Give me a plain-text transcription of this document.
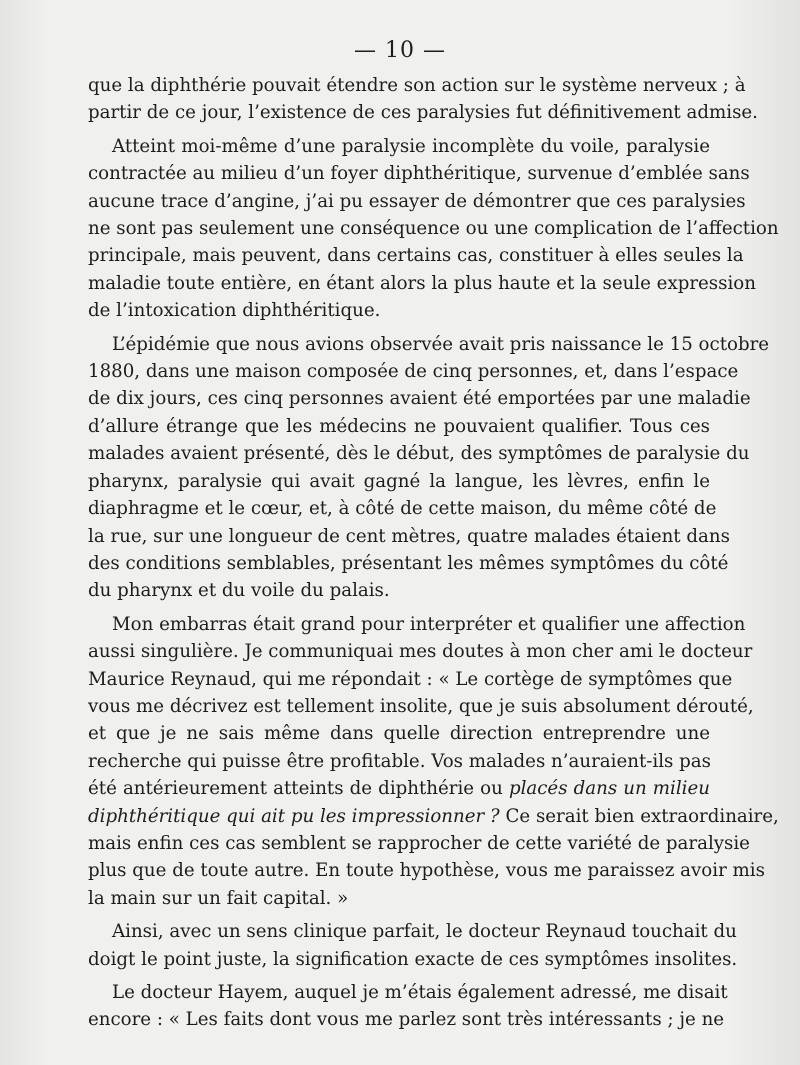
— 10 —

que la diphthérie pouvait étendre son action sur le système nerveux ; à
partir de ce jour, l’existence de ces paralysies fut définitivement admise.

Atteint moi-même d’une paralysie incomplète du voile, paralysie
contractée au milieu d’un foyer diphthéritique, survenue d’emblée sans
aucune trace d’angine, j’ai pu essayer de démontrer que ces paralysies
ne sont pas seulement une conséquence ou une complication de l’affection
principale, mais peuvent, dans certains cas, constituer à elles seules la
maladie toute entière, en étant alors la plus haute et la seule expression
de l’intoxication diphthéritique.

L’épidémie que nous avions observée avait pris naissance le 15 octobre
1880, dans une maison composée de cinq personnes, et, dans l’espace
de dix jours, ces cinq personnes avaient été emportées par une maladie
d’allure étrange que les médecins ne pouvaient qualifier. Tous ces
malades avaient présenté, dès le début, des symptômes de paralysie du
pharynx, paralysie qui avait gagné la langue, les lèvres, enfin le
diaphragme et le cœur, et, à côté de cette maison, du même côté de
la rue, sur une longueur de cent mètres, quatre malades étaient dans
des conditions semblables, présentant les mêmes symptômes du côté
du pharynx et du voile du palais.

Mon embarras était grand pour interpréter et qualifier une affection
aussi singulière. Je communiquai mes doutes à mon cher ami le docteur
Maurice Reynaud, qui me répondait : « Le cortège de symptômes que
vous me décrivez est tellement insolite, que je suis absolument dérouté,
et que je ne sais même dans quelle direction entreprendre une
recherche qui puisse être profitable. Vos malades n’auraient-ils pas
été antérieurement atteints de diphthérie ou placés dans un milieu
diphthéritique qui ait pu les impressionner ? Ce serait bien extraordinaire,
mais enfin ces cas semblent se rapprocher de cette variété de paralysie
plus que de toute autre. En toute hypothèse, vous me paraissez avoir mis
la main sur un fait capital. »

Ainsi, avec un sens clinique parfait, le docteur Reynaud touchait du
doigt le point juste, la signification exacte de ces symptômes insolites.

Le docteur Hayem, auquel je m’étais également adressé, me disait
encore : « Les faits dont vous me parlez sont très intéressants ; je ne
